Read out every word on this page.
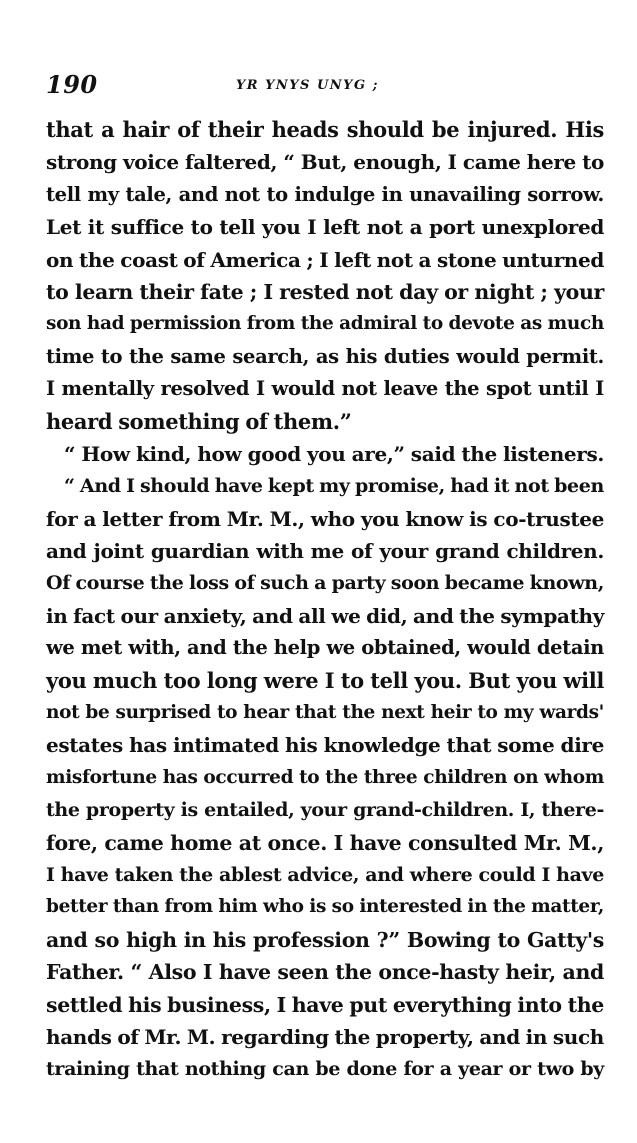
190	YR YNYS UNYG ;
that a hair of their heads should be injured. His
strong voice faltered, “ But, enough, I came here to
tell my tale, and not to indulge in unavailing sorrow.
Let it suffice to tell you I left not a port unexplored
on the coast of America ; I left not a stone unturned
to learn their fate ; I rested not day or night ; your
son had permission from the admiral to devote as much
time to the same search, as his duties would permit.
I mentally resolved I would not leave the spot until I
heard something of them.”
“ How kind, how good you are,” said the listeners.
“ And I should have kept my promise, had it not been
for a letter from Mr. M., who you know is co-trustee
and joint guardian with me of your grand children.
Of course the loss of such a party soon became known,
in fact our anxiety, and all we did, and the sympathy
we met with, and the help we obtained, would detain
you much too long were I to tell you. But you will
not be surprised to hear that the next heir to my wards'
estates has intimated his knowledge that some dire
misfortune has occurred to the three children on whom
the property is entailed, your grand-children. I, there-
fore, came home at once. I have consulted Mr. M.,
I have taken the ablest advice, and where could I have
better than from him who is so interested in the matter,
and so high in his profession ?” Bowing to Gatty's
Father. “ Also I have seen the once-hasty heir, and
settled his business, I have put everything into the
hands of Mr. M. regarding the property, and in such
training that nothing can be done for a year or two by
